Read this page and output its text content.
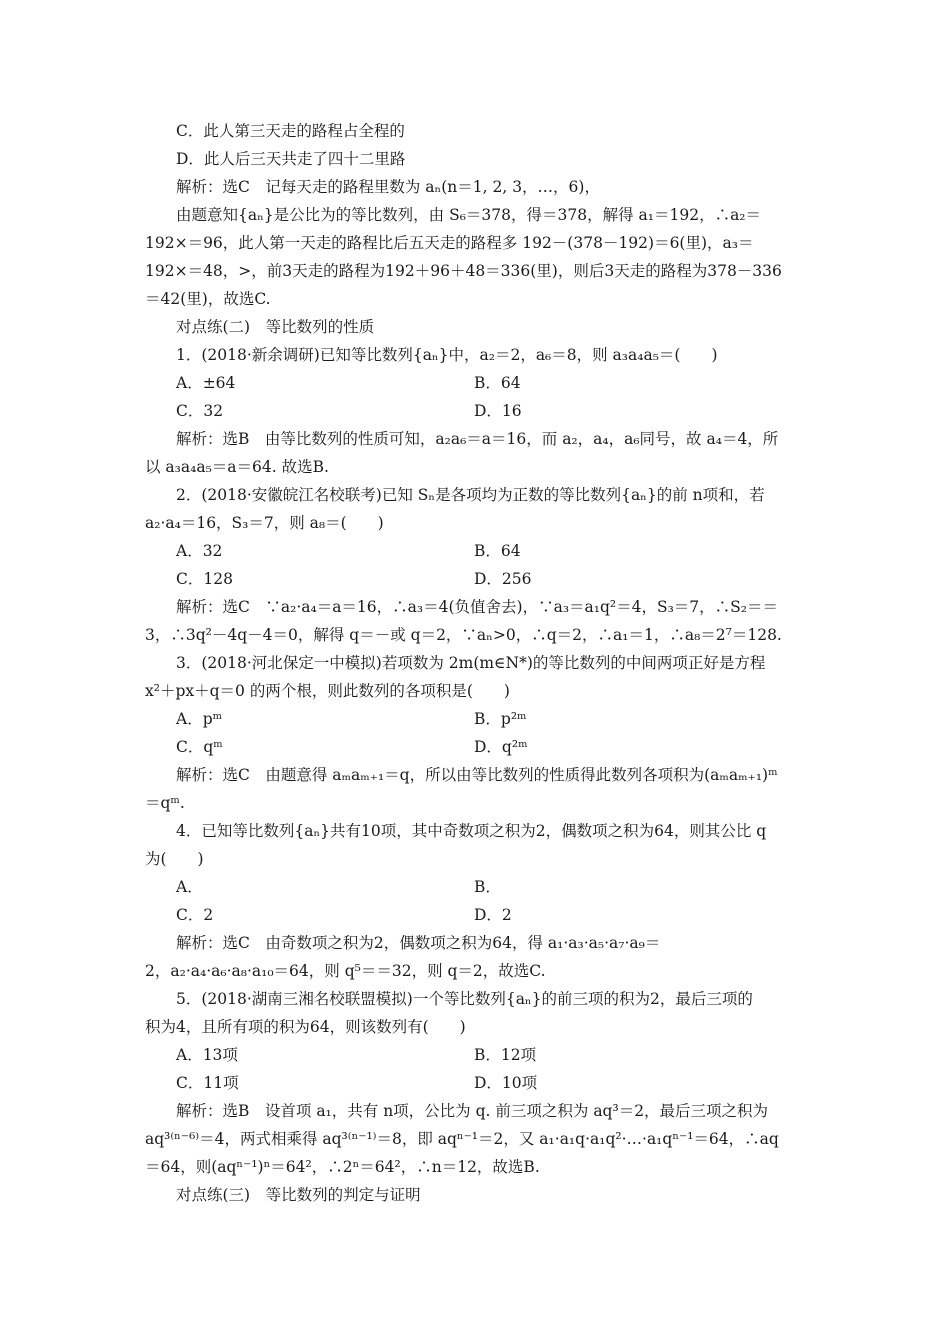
C．此人第三天走的路程占全程的
D．此人后三天共走了四十二里路
解析：选C　记每天走的路程里数为 aₙ(n＝1, 2, 3，…，6)，
由题意知{aₙ}是公比为的等比数列，由 S₆＝378，得＝378，解得 a₁＝192，∴a₂＝
192×＝96，此人第一天走的路程比后五天走的路程多 192－(378－192)＝6(里)，a₃＝
192×＝48，>，前3天走的路程为192＋96＋48＝336(里)，则后3天走的路程为378－336
＝42(里)，故选C.
对点练(二)　等比数列的性质
1．(2018·新余调研)已知等比数列{aₙ}中，a₂＝2，a₆＝8，则 a₃a₄a₅＝(　　)
A．±64	B．64
C．32	D．16
解析：选B　由等比数列的性质可知，a₂a₆＝a＝16，而 a₂，a₄，a₆同号，故 a₄＝4，所
以 a₃a₄a₅＝a＝64. 故选B.
2．(2018·安徽皖江名校联考)已知 Sₙ是各项均为正数的等比数列{aₙ}的前 n项和，若
a₂·a₄＝16，S₃＝7，则 a₈＝(　　)
A．32	B．64
C．128	D．256
解析：选C　∵a₂·a₄＝a＝16，∴a₃＝4(负值舍去)，∵a₃＝a₁q²＝4，S₃＝7，∴S₂＝＝
3，∴3q²－4q－4＝0，解得 q＝－或 q＝2，∵aₙ>0，∴q＝2，∴a₁＝1，∴a₈＝2⁷＝128.
3．(2018·河北保定一中模拟)若项数为 2m(m∈N*)的等比数列的中间两项正好是方程
x²＋px＋q＝0 的两个根，则此数列的各项积是(　　)
A．pᵐ	B．p²ᵐ
C．qᵐ	D．q²ᵐ
解析：选C　由题意得 aₘaₘ₊₁＝q，所以由等比数列的性质得此数列各项积为(aₘaₘ₊₁)ᵐ
＝qᵐ.
4．已知等比数列{aₙ}共有10项，其中奇数项之积为2，偶数项之积为64，则其公比 q
为(　　)
A．	B．
C．2	D．2
解析：选C　由奇数项之积为2，偶数项之积为64，得 a₁·a₃·a₅·a₇·a₉＝
2，a₂·a₄·a₆·a₈·a₁₀＝64，则 q⁵＝＝32，则 q＝2，故选C.
5．(2018·湖南三湘名校联盟模拟)一个等比数列{aₙ}的前三项的积为2，最后三项的
积为4，且所有项的积为64，则该数列有(　　)
A．13项	B．12项
C．11项	D．10项
解析：选B　设首项 a₁，共有 n项，公比为 q. 前三项之积为 aq³＝2，最后三项之积为
aq³⁽ⁿ⁻⁶⁾＝4，两式相乘得 aq³⁽ⁿ⁻¹⁾＝8，即 aqⁿ⁻¹＝2，又 a₁·a₁q·a₁q²·…·a₁qⁿ⁻¹＝64，∴aq
＝64，则(aqⁿ⁻¹)ⁿ＝64²，∴2ⁿ＝64²，∴n＝12，故选B.
对点练(三)　等比数列的判定与证明
